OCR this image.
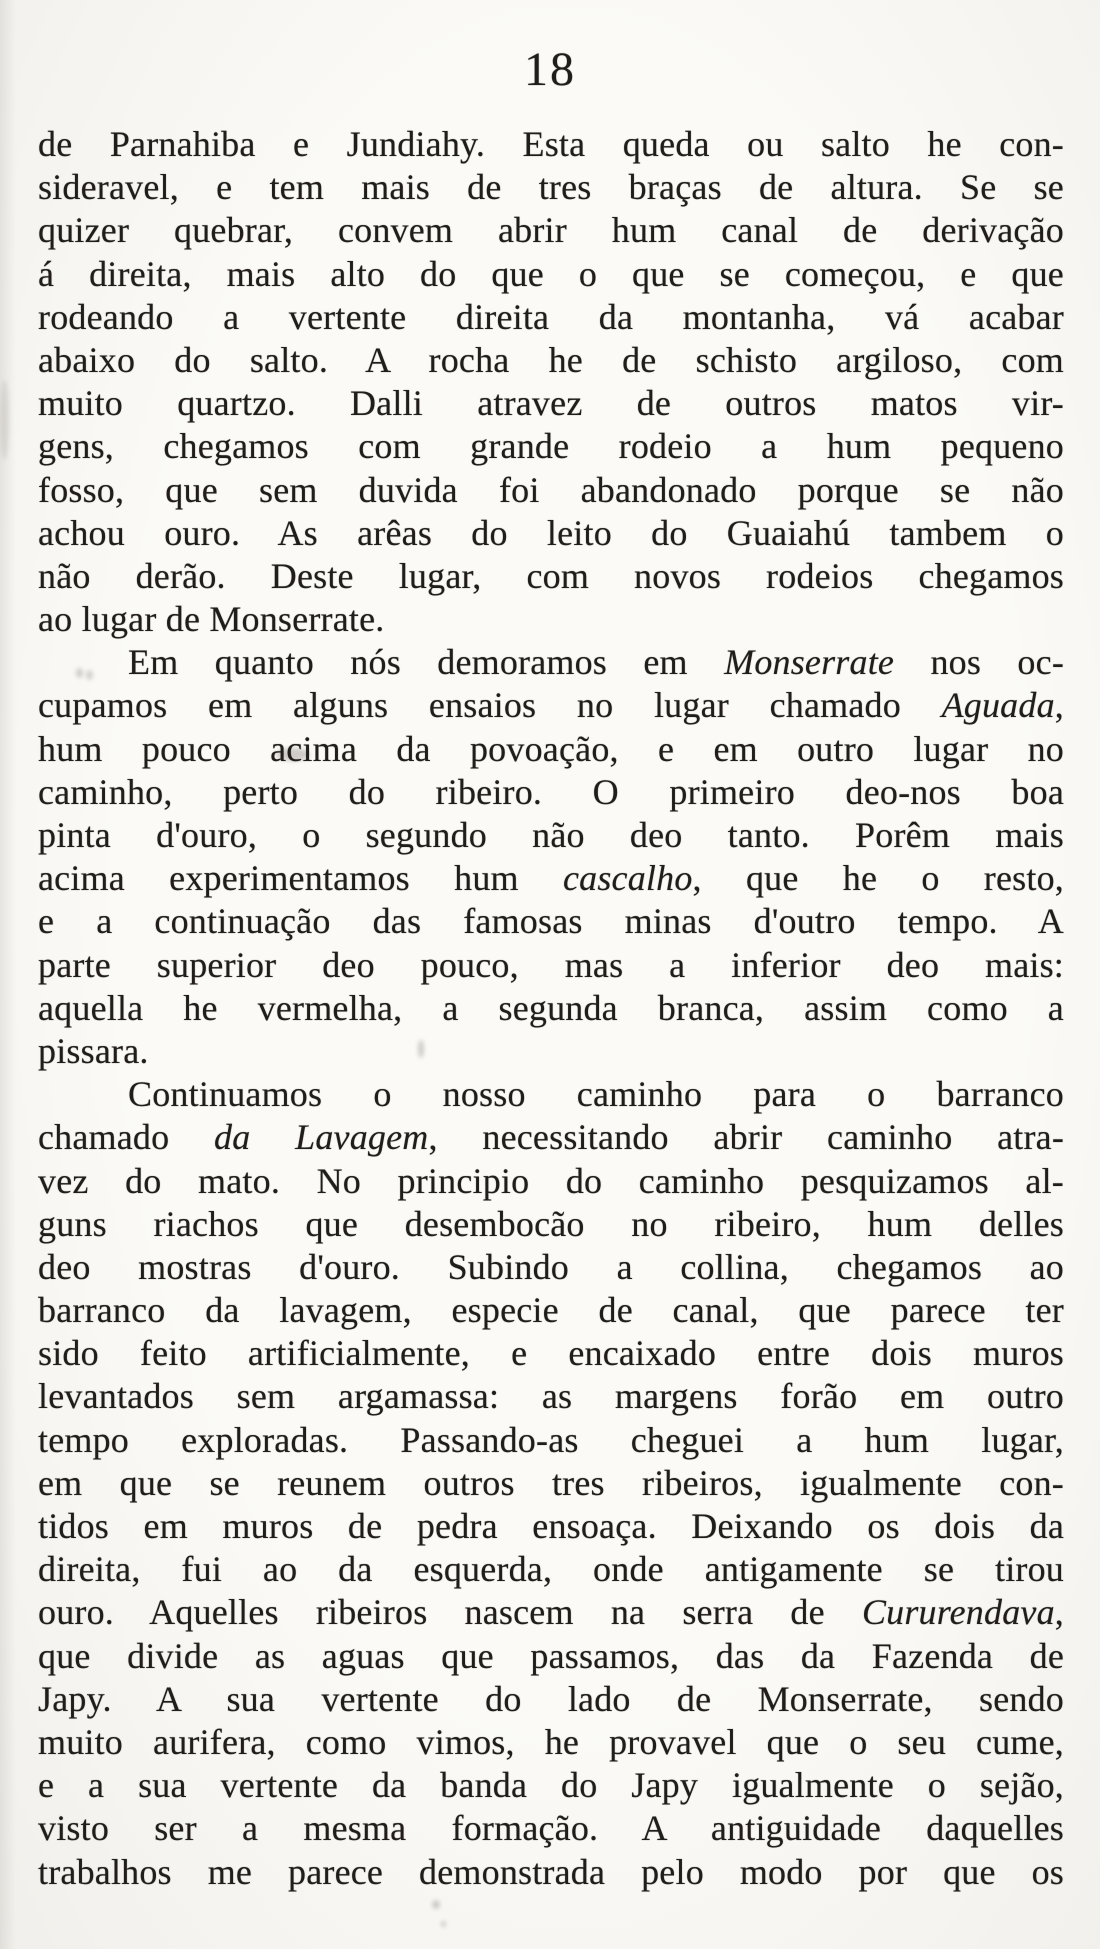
18
de Parnahiba e Jundiahy. Esta queda ou salto he con-
sideravel, e tem mais de tres braças de altura. Se se
quizer quebrar, convem abrir hum canal de derivação
á direita, mais alto do que o que se começou, e que
rodeando a vertente direita da montanha, vá acabar
abaixo do salto. A rocha he de schisto argiloso, com
muito quartzo. Dalli atravez de outros matos vir-
gens, chegamos com grande rodeio a hum pequeno
fosso, que sem duvida foi abandonado porque se não
achou ouro. As arêas do leito do Guaiahú tambem o
não derão. Deste lugar, com novos rodeios chegamos
ao lugar de Monserrate.
Em quanto nós demoramos em Monserrate nos oc-
cupamos em alguns ensaios no lugar chamado Aguada,
hum pouco acima da povoação, e em outro lugar no
caminho, perto do ribeiro. O primeiro deo-nos boa
pinta d'ouro, o segundo não deo tanto. Porêm mais
acima experimentamos hum cascalho, que he o resto,
e a continuação das famosas minas d'outro tempo. A
parte superior deo pouco, mas a inferior deo mais:
aquella he vermelha, a segunda branca, assim como a
pissara.
Continuamos o nosso caminho para o barranco
chamado da Lavagem, necessitando abrir caminho atra-
vez do mato. No principio do caminho pesquizamos al-
guns riachos que desembocão no ribeiro, hum delles
deo mostras d'ouro. Subindo a collina, chegamos ao
barranco da lavagem, especie de canal, que parece ter
sido feito artificialmente, e encaixado entre dois muros
levantados sem argamassa: as margens forão em outro
tempo exploradas. Passando-as cheguei a hum lugar,
em que se reunem outros tres ribeiros, igualmente con-
tidos em muros de pedra ensoaça. Deixando os dois da
direita, fui ao da esquerda, onde antigamente se tirou
ouro. Aquelles ribeiros nascem na serra de Cururendava,
que divide as aguas que passamos, das da Fazenda de
Japy. A sua vertente do lado de Monserrate, sendo
muito aurifera, como vimos, he provavel que o seu cume,
e a sua vertente da banda do Japy igualmente o sejão,
visto ser a mesma formação. A antiguidade daquelles
trabalhos me parece demonstrada pelo modo por que os
